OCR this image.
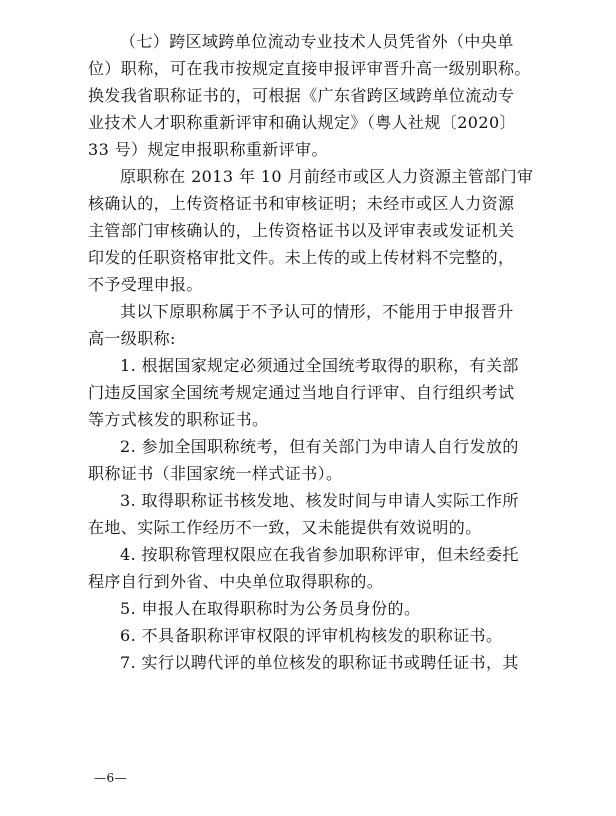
（七）跨区域跨单位流动专业技术人员凭省外（中央单
位）职称，可在我市按规定直接申报评审晋升高一级别职称。
换发我省职称证书的，可根据《广东省跨区域跨单位流动专
业技术人才职称重新评审和确认规定》（粤人社规〔2020〕
33 号）规定申报职称重新评审。

原职称在 2013 年 10 月前经市或区人力资源主管部门审
核确认的，上传资格证书和审核证明；未经市或区人力资源
主管部门审核确认的，上传资格证书以及评审表或发证机关
印发的任职资格审批文件。未上传的或上传材料不完整的，
不予受理申报。

其以下原职称属于不予认可的情形，不能用于申报晋升
高一级职称:

1. 根据国家规定必须通过全国统考取得的职称，有关部
门违反国家全国统考规定通过当地自行评审、自行组织考试
等方式核发的职称证书。

2. 参加全国职称统考，但有关部门为申请人自行发放的
职称证书（非国家统一样式证书）。

3. 取得职称证书核发地、核发时间与申请人实际工作所
在地、实际工作经历不一致，又未能提供有效说明的。

4. 按职称管理权限应在我省参加职称评审，但未经委托
程序自行到外省、中央单位取得职称的。

5. 申报人在取得职称时为公务员身份的。

6. 不具备职称评审权限的评审机构核发的职称证书。

7. 实行以聘代评的单位核发的职称证书或聘任证书，其

—6—
